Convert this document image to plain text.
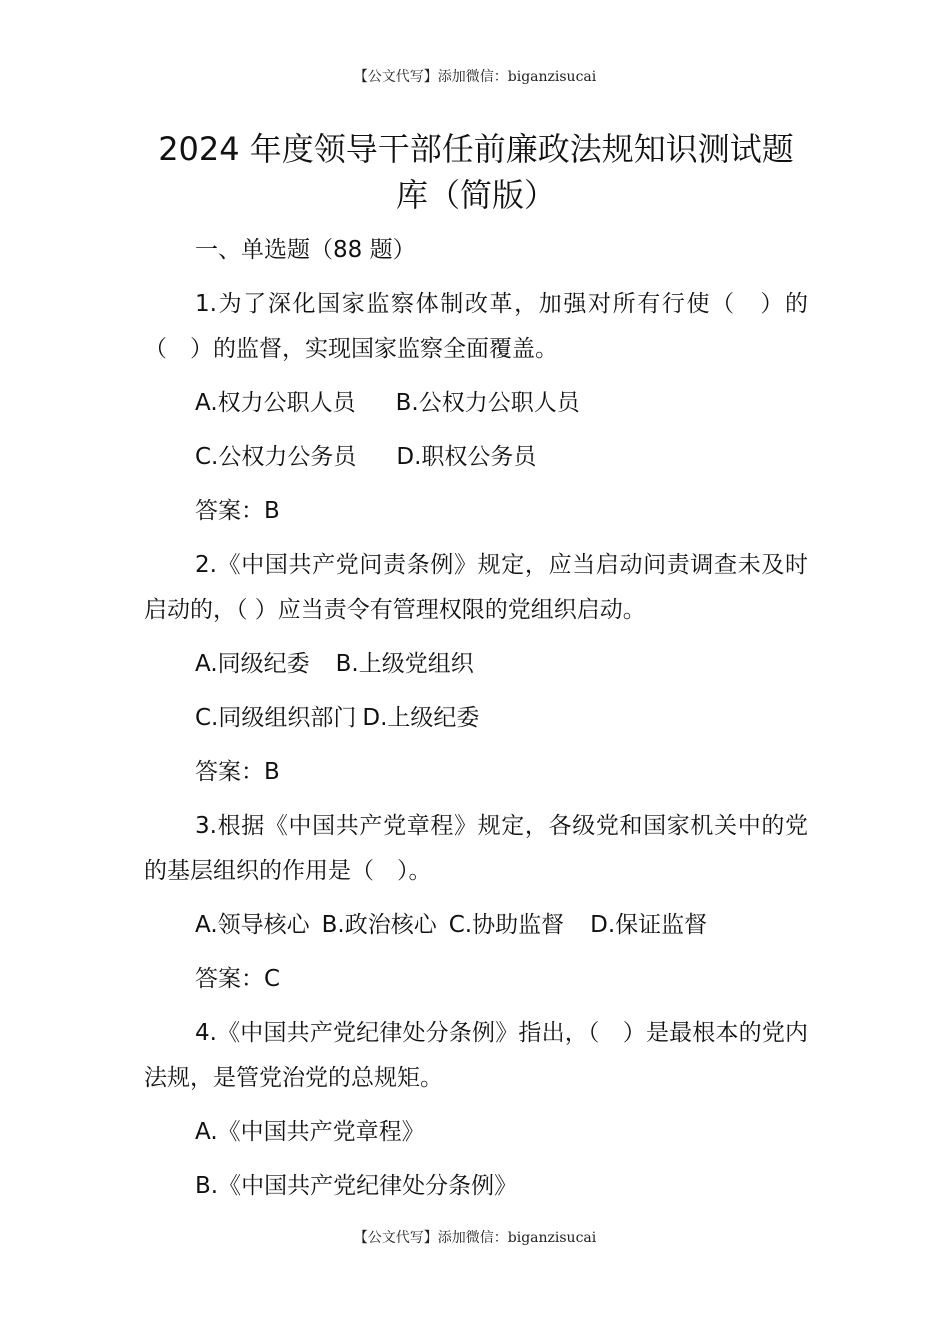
【公文代写】添加微信：biganzisucai
2024 年度领导干部任前廉政法规知识测试题
库（简版）

一、单选题（88 题）

1.为了深化国家监察体制改革，加强对所有行使（　）的（　）的监督，实现国家监察全面覆盖。

A.权力公职人员 B.公权力公职人员

C.公权力公务员 D.职权公务员

答案：B

2.《中国共产党问责条例》规定，应当启动问责调查未及时启动的，（ ）应当责令有管理权限的党组织启动。

A.同级纪委 B.上级党组织

C.同级组织部门 D.上级纪委

答案：B

3.根据《中国共产党章程》规定，各级党和国家机关中的党的基层组织的作用是（　）。

A.领导核心 B.政治核心 C.协助监督 D.保证监督

答案：C

4.《中国共产党纪律处分条例》指出，（　）是最根本的党内法规，是管党治党的总规矩。

A.《中国共产党章程》

B.《中国共产党纪律处分条例》

【公文代写】添加微信：biganzisucai
